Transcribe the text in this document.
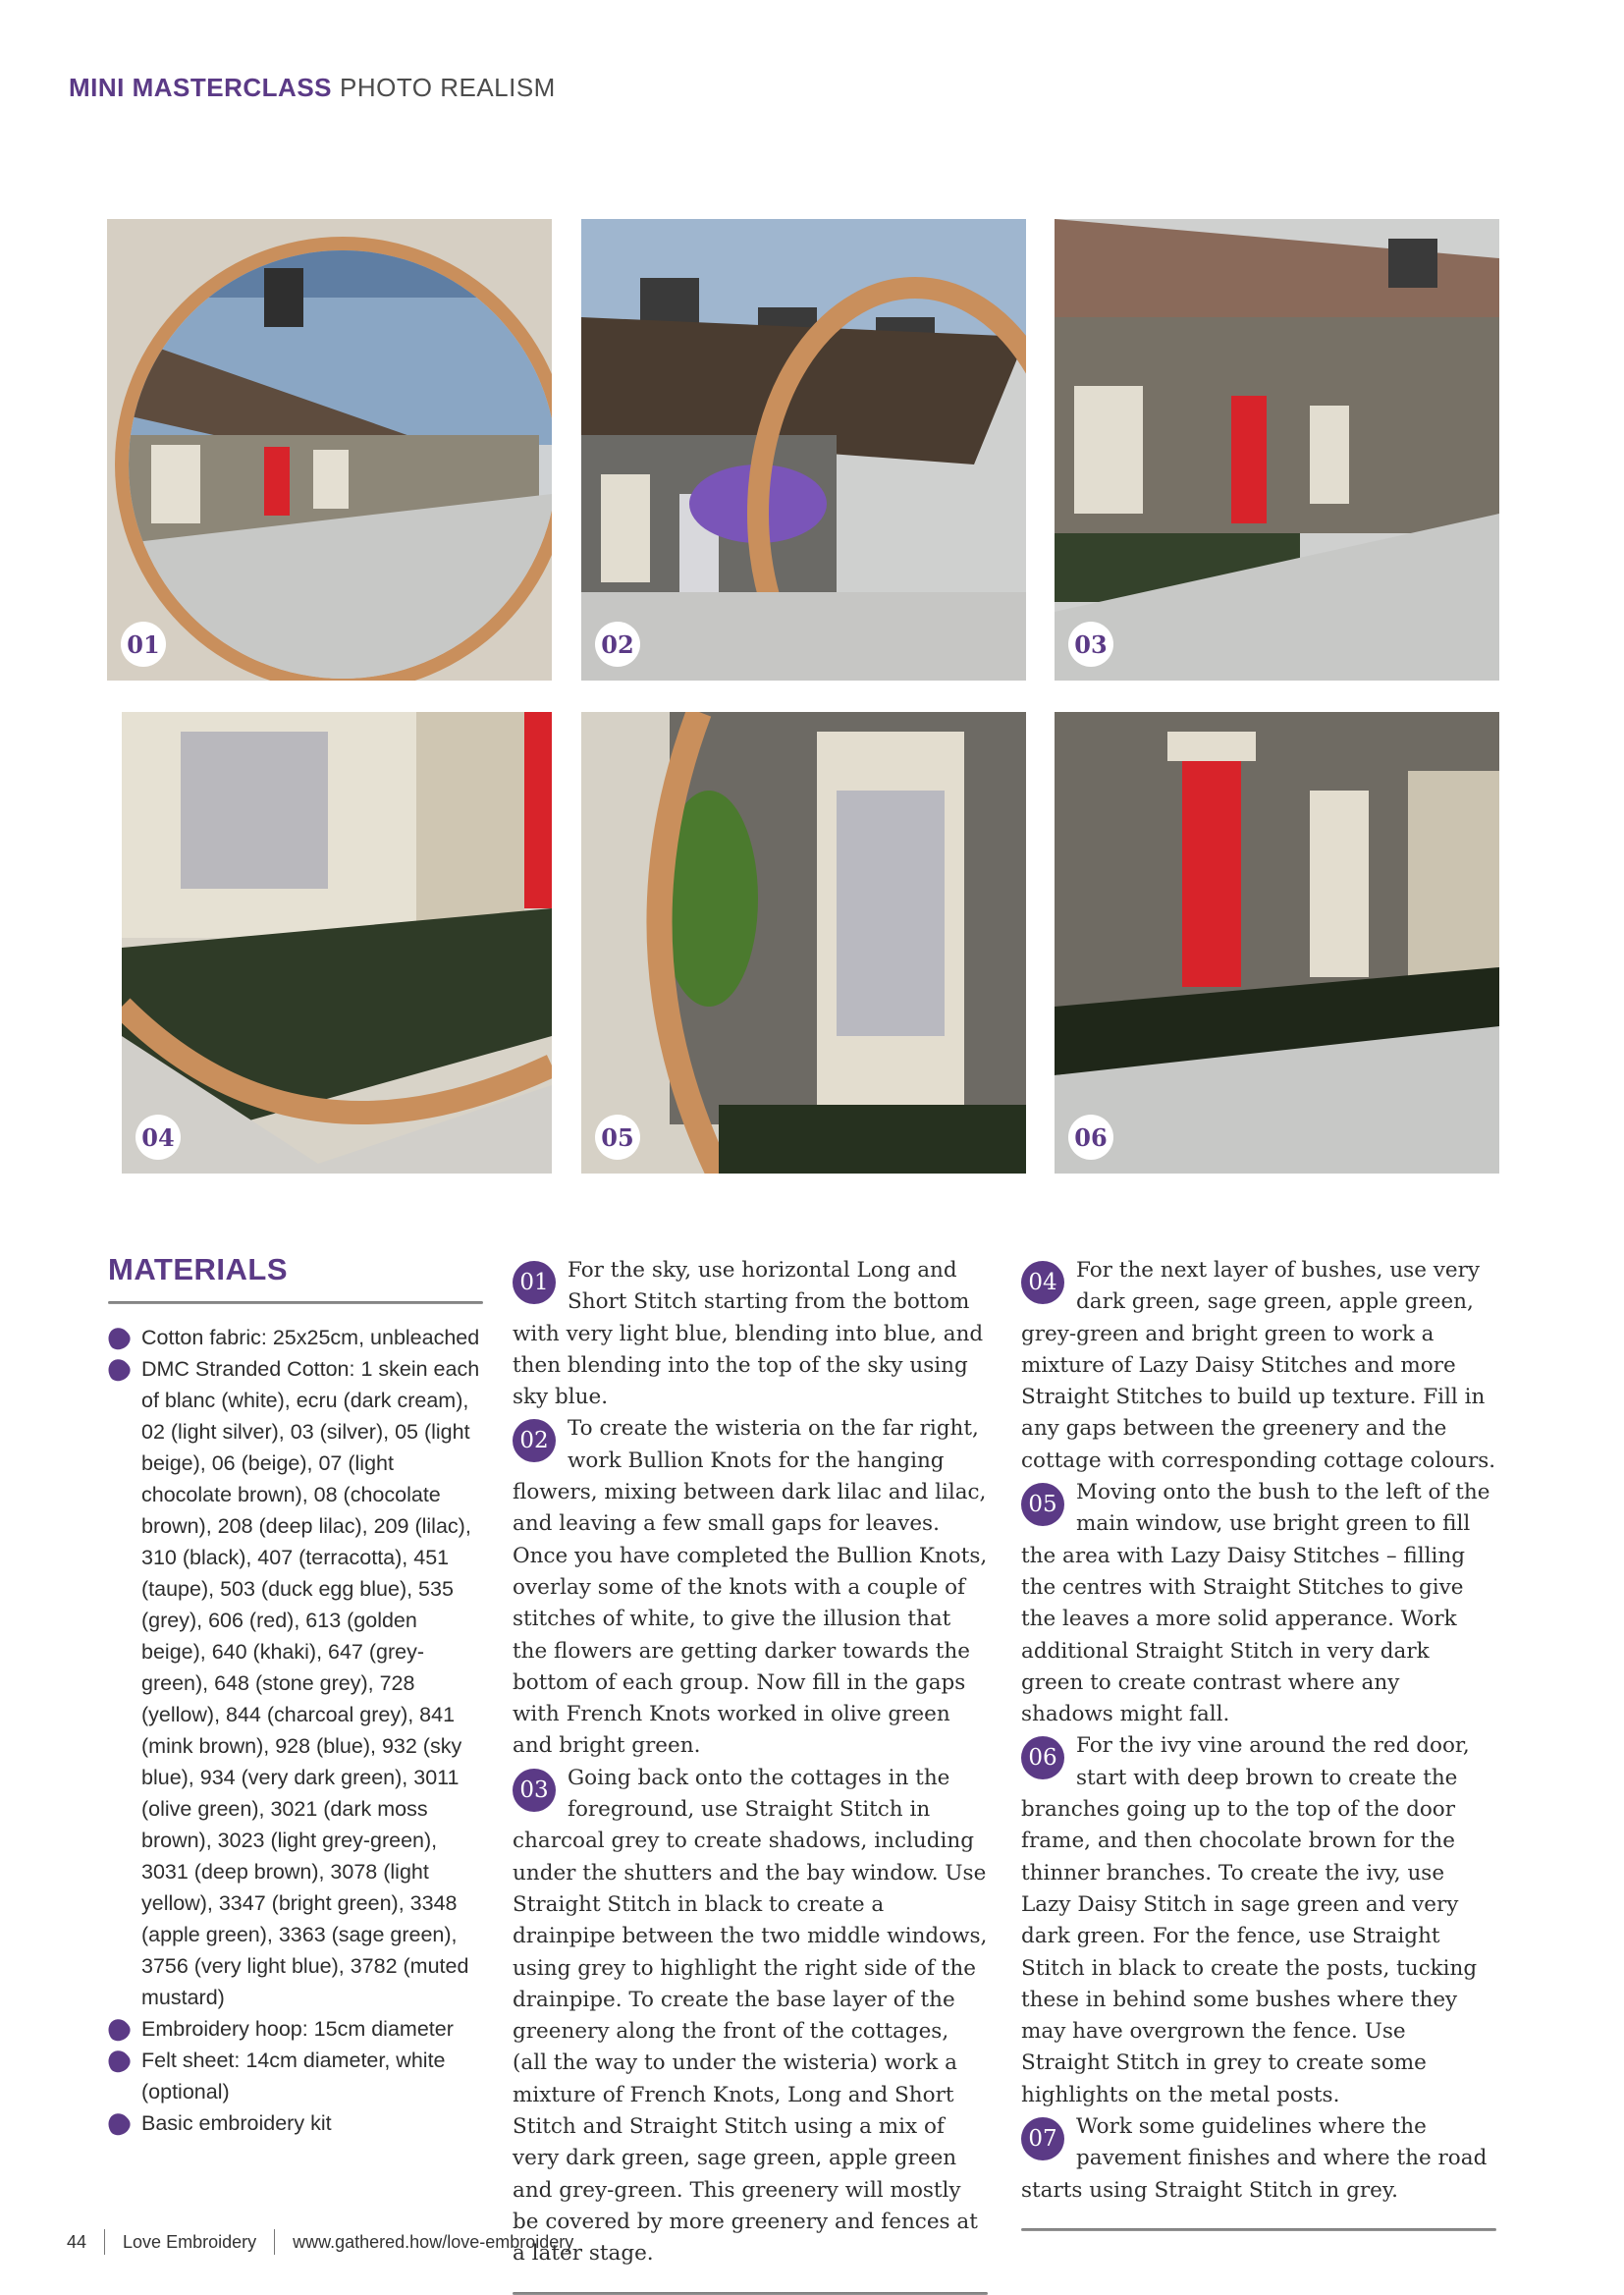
MINI MASTERCLASS PHOTO REALISM
01	02	03
04	05	06
MATERIALS
Cotton fabric: 25x25cm, unbleached
DMC Stranded Cotton: 1 skein each of blanc (white), ecru (dark cream), 02 (light silver), 03 (silver), 05 (light beige), 06 (beige), 07 (light chocolate brown), 08 (chocolate brown), 208 (deep lilac), 209 (lilac), 310 (black), 407 (terracotta), 451 (taupe), 503 (duck egg blue), 535 (grey), 606 (red), 613 (golden beige), 640 (khaki), 647 (grey-green), 648 (stone grey), 728 (yellow), 844 (charcoal grey), 841 (mink brown), 928 (blue), 932 (sky blue), 934 (very dark green), 3011 (olive green), 3021 (dark moss brown), 3023 (light grey-green), 3031 (deep brown), 3078 (light yellow), 3347 (bright green), 3348 (apple green), 3363 (sage green), 3756 (very light blue), 3782 (muted mustard)
Embroidery hoop: 15cm diameter
Felt sheet: 14cm diameter, white (optional)
Basic embroidery kit
01 For the sky, use horizontal Long and Short Stitch starting from the bottom with very light blue, blending into blue, and then blending into the top of the sky using sky blue.

02 To create the wisteria on the far right, work Bullion Knots for the hanging flowers, mixing between dark lilac and lilac, and leaving a few small gaps for leaves. Once you have completed the Bullion Knots, overlay some of the knots with a couple of stitches of white, to give the illusion that the flowers are getting darker towards the bottom of each group. Now fill in the gaps with French Knots worked in olive green and bright green.

03 Going back onto the cottages in the foreground, use Straight Stitch in charcoal grey to create shadows, including under the shutters and the bay window. Use Straight Stitch in black to create a drainpipe between the two middle windows, using grey to highlight the right side of the drainpipe. To create the base layer of the greenery along the front of the cottages, (all the way to under the wisteria) work a mixture of French Knots, Long and Short Stitch and Straight Stitch using a mix of very dark green, sage green, apple green and grey-green. This greenery will mostly be covered by more greenery and fences at a later stage.

04 For the next layer of bushes, use very dark green, sage green, apple green, grey-green and bright green to work a mixture of Lazy Daisy Stitches and more Straight Stitches to build up texture. Fill in any gaps between the greenery and the cottage with corresponding cottage colours.

05 Moving onto the bush to the left of the main window, use bright green to fill the area with Lazy Daisy Stitches – filling the centres with Straight Stitches to give the leaves a more solid apperance. Work additional Straight Stitch in very dark green to create contrast where any shadows might fall.

06 For the ivy vine around the red door, start with deep brown to create the branches going up to the top of the door frame, and then chocolate brown for the thinner branches. To create the ivy, use Lazy Daisy Stitch in sage green and very dark green. For the fence, use Straight Stitch in black to create the posts, tucking these in behind some bushes where they may have overgrown the fence. Use Straight Stitch in grey to create some highlights on the metal posts.

07 Work some guidelines where the pavement finishes and where the road starts using Straight Stitch in grey.

44 Love Embroidery www.gathered.how/love-embroidery
